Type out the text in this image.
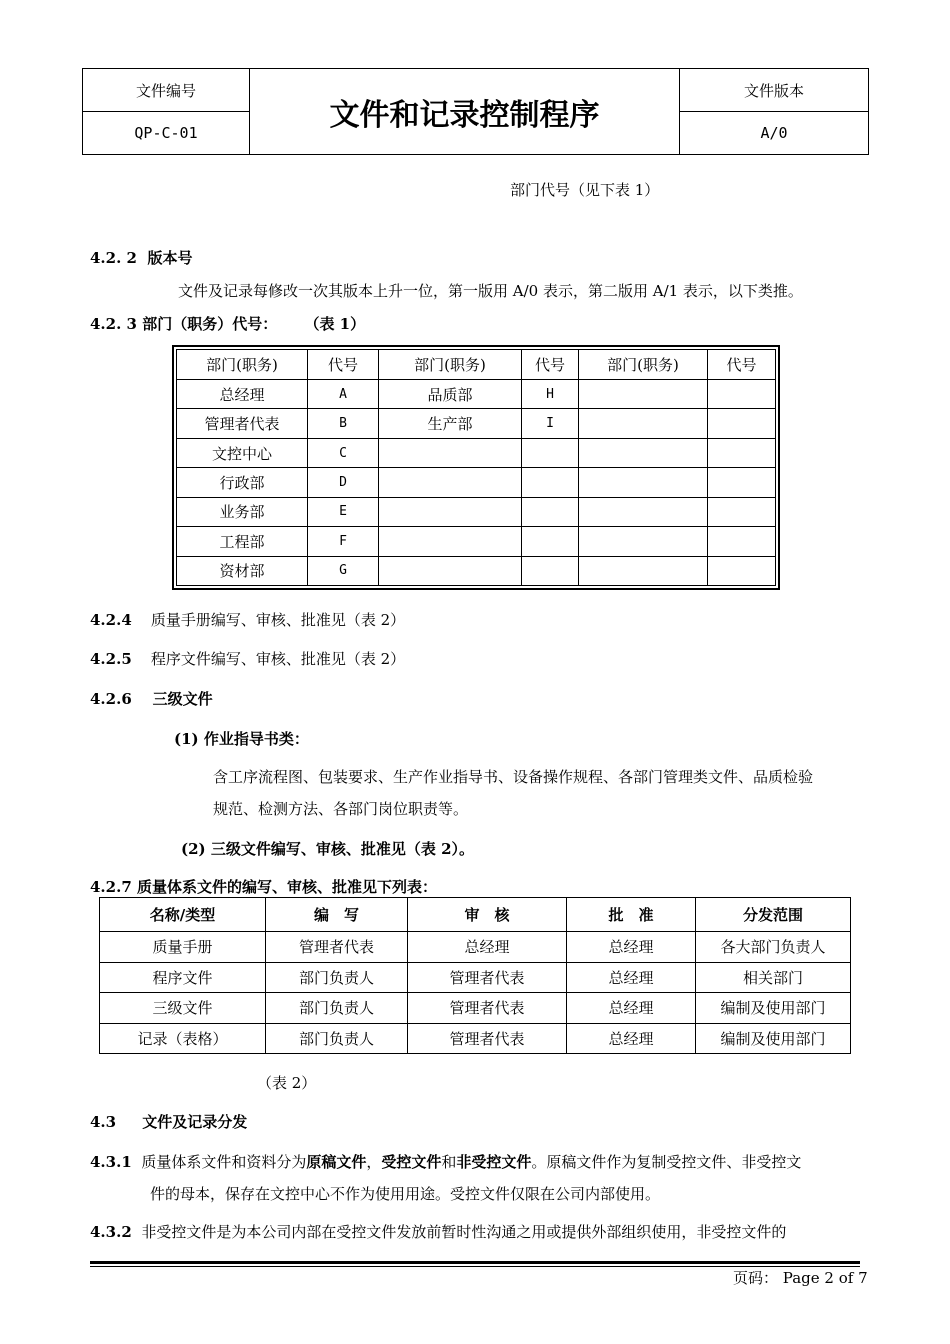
文件编号	文件和记录控制程序	文件版本
QP-C-01		A/0
部门代号（见下表 1）
4.2. 2 版本号
文件及记录每修改一次其版本上升一位，第一版用 A/0 表示，第二版用 A/1 表示，以下类推。
4.2. 3 部门（职务）代号： （表 1）
部门(职务)	代号	部门(职务)	代号	部门(职务)	代号
总经理	A	品质部	H		
管理者代表	B	生产部	I		
文控中心	C				
行政部	D				
业务部	E				
工程部	F				
资材部	G				
4.2.4 质量手册编写、审核、批准见（表 2）
4.2.5 程序文件编写、审核、批准见（表 2）
4.2.6 三级文件
(1) 作业指导书类：
含工序流程图、包装要求、生产作业指导书、设备操作规程、各部门管理类文件、品质检验
规范、检测方法、各部门岗位职责等。
(2) 三级文件编写、审核、批准见（表 2）。
4.2.7 质量体系文件的编写、审核、批准见下列表：
名称/类型	编　写	审　核	批　准	分发范围
质量手册	管理者代表	总经理	总经理	各大部门负责人
程序文件	部门负责人	管理者代表	总经理	相关部门
三级文件	部门负责人	管理者代表	总经理	编制及使用部门
记录（表格）	部门负责人	管理者代表	总经理	编制及使用部门
（表 2）
4.3 文件及记录分发
4.3.1 质量体系文件和资料分为原稿文件，受控文件和非受控文件。原稿文件作为复制受控文件、非受控文
件的母本，保存在文控中心不作为使用用途。受控文件仅限在公司内部使用。
4.3.2 非受控文件是为本公司内部在受控文件发放前暂时性沟通之用或提供外部组织使用，非受控文件的
页码： Page 2 of 7
